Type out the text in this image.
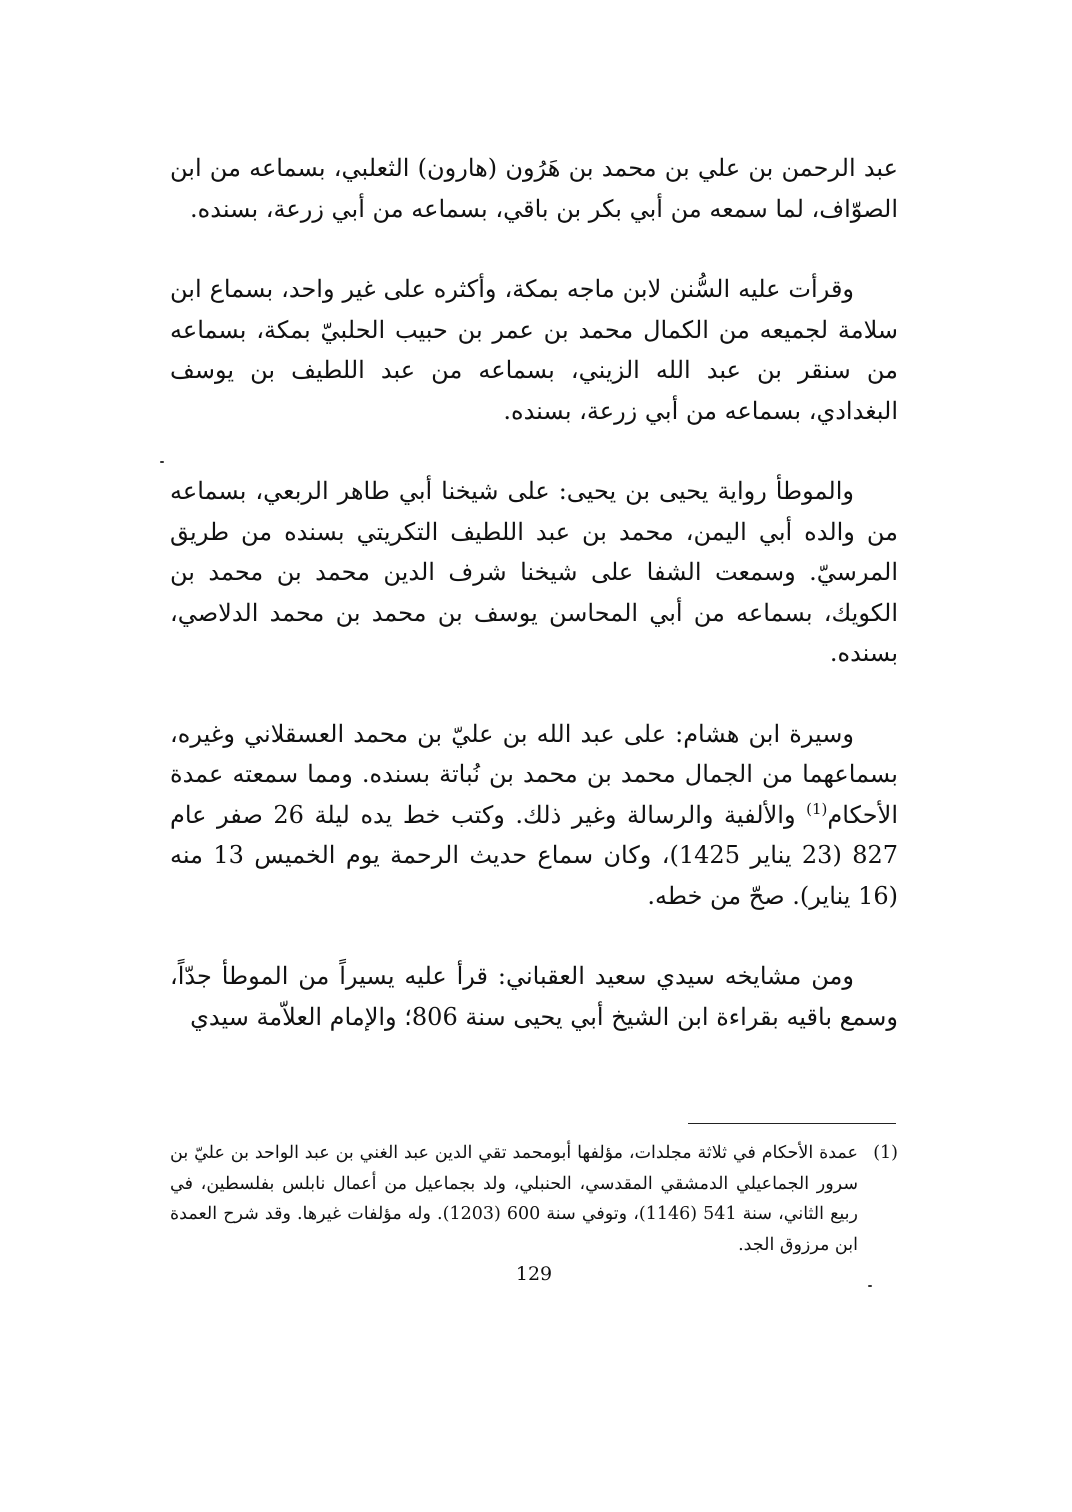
عبد الرحمن بن علي بن محمد بن هَرُون (هارون) الثعلبي، بسماعه من ابن الصوّاف، لما سمعه من أبي بكر بن باقي، بسماعه من أبي زرعة، بسنده.

وقرأت عليه السُّنن لابن ماجه بمكة، وأكثره على غير واحد، بسماع ابن سلامة لجميعه من الكمال محمد بن عمر بن حبيب الحلبيّ بمكة، بسماعه من سنقر بن عبد الله الزيني، بسماعه من عبد اللطيف بن يوسف البغدادي، بسماعه من أبي زرعة، بسنده.

والموطأ رواية يحيى بن يحيى: على شيخنا أبي طاهر الربعي، بسماعه من والده أبي اليمن، محمد بن عبد اللطيف التكريتي بسنده من طريق المرسيّ. وسمعت الشفا على شيخنا شرف الدين محمد بن محمد بن الكويك، بسماعه من أبي المحاسن يوسف بن محمد بن محمد الدلاصي، بسنده.

وسيرة ابن هشام: على عبد الله بن عليّ بن محمد العسقلاني وغيره، بسماعهما من الجمال محمد بن محمد بن نُباتة بسنده. ومما سمعته عمدة الأحكام$^{(1)}$ والألفية والرسالة وغير ذلك. وكتب خط يده ليلة 26 صفر عام 827 (23 يناير 1425)، وكان سماع حديث الرحمة يوم الخميس 13 منه (16 يناير). صحّ من خطه.

ومن مشايخه سيدي سعيد العقباني: قرأ عليه يسيراً من الموطأ جدّاً، وسمع باقيه بقراءة ابن الشيخ أبي يحيى سنة 806؛ والإمام العلاّمة سيدي

(1)
عمدة الأحكام في ثلاثة مجلدات، مؤلفها أبومحمد تقي الدين عبد الغني بن عبد الواحد بن عليّ بن سرور الجماعيلي الدمشقي المقدسي، الحنبلي، ولد بجماعيل من أعمال نابلس بفلسطين، في ربيع الثاني، سنة 541 (1146)، وتوفي سنة 600 (1203). وله مؤلفات غيرها. وقد شرح العمدة ابن مرزوق الجد.

129
